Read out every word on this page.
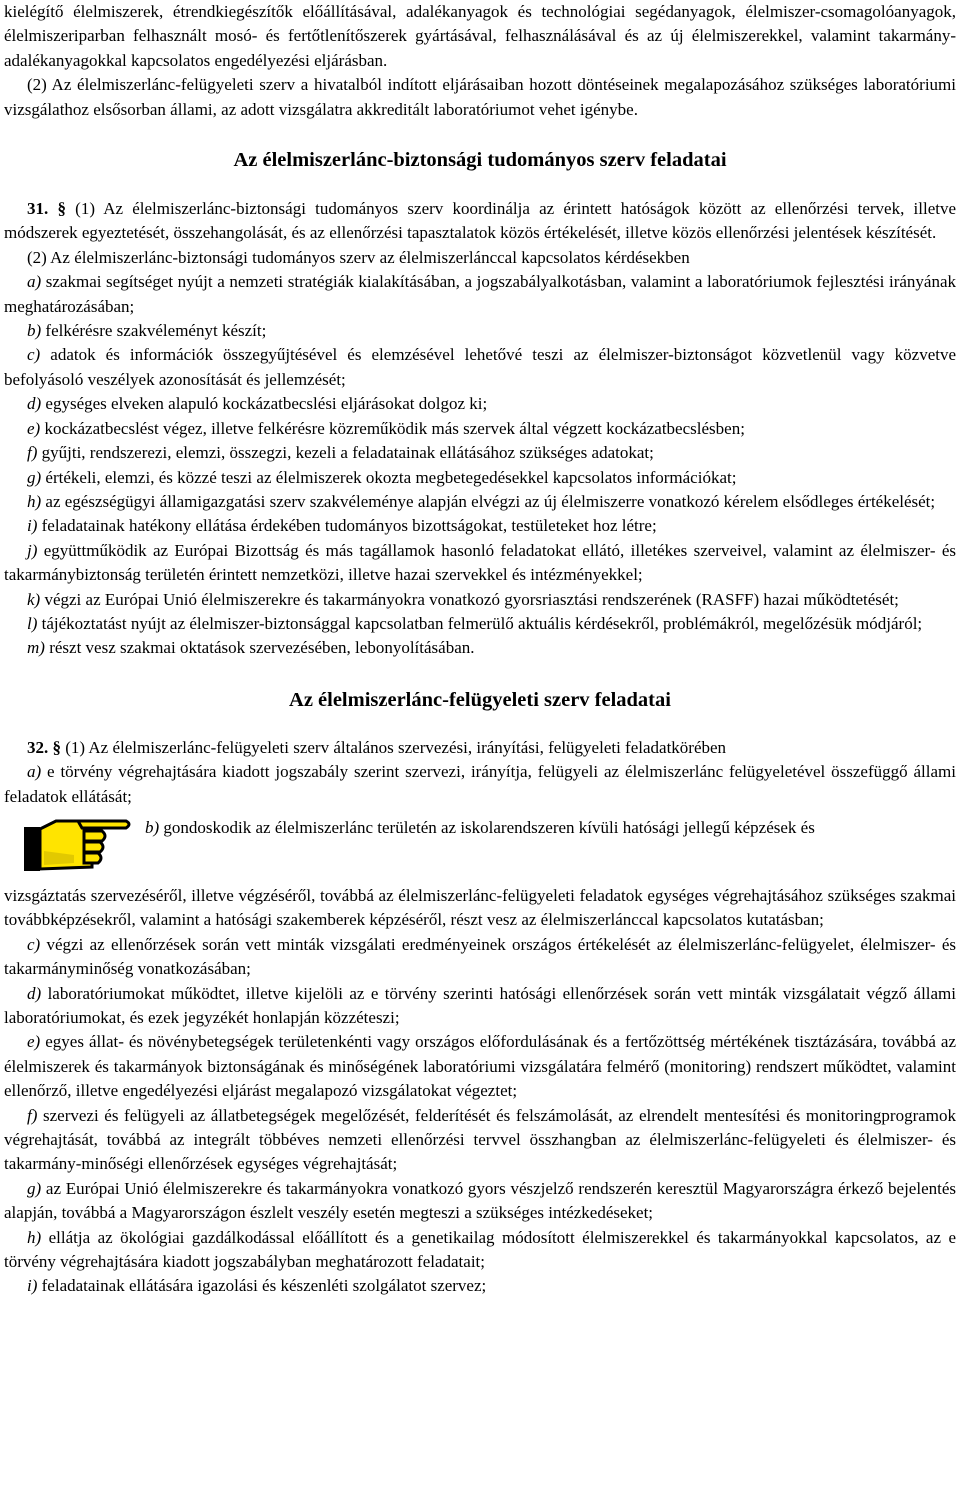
kielégítő élelmiszerek, étrendkiegészítők előállításával, adalékanyagok és technológiai segédanyagok, élelmiszer-csomagolóanyagok, élelmiszeriparban felhasznált mosó- és fertőtlenítőszerek gyártásával, felhasználásával és az új élelmiszerekkel, valamint takarmány-adalékanyagokkal kapcsolatos engedélyezési eljárásban.

(2) Az élelmiszerlánc-felügyeleti szerv a hivatalból indított eljárásaiban hozott döntéseinek megalapozásához szükséges laboratóriumi vizsgálathoz elsősorban állami, az adott vizsgálatra akkreditált laboratóriumot vehet igénybe.

Az élelmiszerlánc-biztonsági tudományos szerv feladatai

31. § (1) Az élelmiszerlánc-biztonsági tudományos szerv koordinálja az érintett hatóságok között az ellenőrzési tervek, illetve módszerek egyeztetését, összehangolását, és az ellenőrzési tapasztalatok közös értékelését, illetve közös ellenőrzési jelentések készítését.

(2) Az élelmiszerlánc-biztonsági tudományos szerv az élelmiszerlánccal kapcsolatos kérdésekben

a) szakmai segítséget nyújt a nemzeti stratégiák kialakításában, a jogszabályalkotásban, valamint a laboratóriumok fejlesztési irányának meghatározásában;

b) felkérésre szakvéleményt készít;

c) adatok és információk összegyűjtésével és elemzésével lehetővé teszi az élelmiszer-biztonságot közvetlenül vagy közvetve befolyásoló veszélyek azonosítását és jellemzését;

d) egységes elveken alapuló kockázatbecslési eljárásokat dolgoz ki;

e) kockázatbecslést végez, illetve felkérésre közreműködik más szervek által végzett kockázatbecslésben;

f) gyűjti, rendszerezi, elemzi, összegzi, kezeli a feladatainak ellátásához szükséges adatokat;

g) értékeli, elemzi, és közzé teszi az élelmiszerek okozta megbetegedésekkel kapcsolatos információkat;

h) az egészségügyi államigazgatási szerv szakvéleménye alapján elvégzi az új élelmiszerre vonatkozó kérelem elsődleges értékelését;

i) feladatainak hatékony ellátása érdekében tudományos bizottságokat, testületeket hoz létre;

j) együttműködik az Európai Bizottság és más tagállamok hasonló feladatokat ellátó, illetékes szerveivel, valamint az élelmiszer- és takarmánybiztonság területén érintett nemzetközi, illetve hazai szervekkel és intézményekkel;

k) végzi az Európai Unió élelmiszerekre és takarmányokra vonatkozó gyorsriasztási rendszerének (RASFF) hazai működtetését;

l) tájékoztatást nyújt az élelmiszer-biztonsággal kapcsolatban felmerülő aktuális kérdésekről, problémákról, megelőzésük módjáról;

m) részt vesz szakmai oktatások szervezésében, lebonyolításában.

Az élelmiszerlánc-felügyeleti szerv feladatai

32. § (1) Az élelmiszerlánc-felügyeleti szerv általános szervezési, irányítási, felügyeleti feladatkörében

a) e törvény végrehajtására kiadott jogszabály szerint szervezi, irányítja, felügyeli az élelmiszerlánc felügyeletével összefüggő állami feladatok ellátását;

b) gondoskodik az élelmiszerlánc területén az iskolarendszeren kívüli hatósági jellegű képzések és

vizsgáztatás szervezéséről, illetve végzéséről, továbbá az élelmiszerlánc-felügyeleti feladatok egységes végrehajtásához szükséges szakmai továbbképzésekről, valamint a hatósági szakemberek képzéséről, részt vesz az élelmiszerlánccal kapcsolatos kutatásban;

c) végzi az ellenőrzések során vett minták vizsgálati eredményeinek országos értékelését az élelmiszerlánc-felügyelet, élelmiszer- és takarmányminőség vonatkozásában;

d) laboratóriumokat működtet, illetve kijelöli az e törvény szerinti hatósági ellenőrzések során vett minták vizsgálatait végző állami laboratóriumokat, és ezek jegyzékét honlapján közzéteszi;

e) egyes állat- és növénybetegségek területenkénti vagy országos előfordulásának és a fertőzöttség mértékének tisztázására, továbbá az élelmiszerek és takarmányok biztonságának és minőségének laboratóriumi vizsgálatára felmérő (monitoring) rendszert működtet, valamint ellenőrző, illetve engedélyezési eljárást megalapozó vizsgálatokat végeztet;

f) szervezi és felügyeli az állatbetegségek megelőzését, felderítését és felszámolását, az elrendelt mentesítési és monitoringprogramok végrehajtását, továbbá az integrált többéves nemzeti ellenőrzési tervvel összhangban az élelmiszerlánc-felügyeleti és élelmiszer- és takarmány-minőségi ellenőrzések egységes végrehajtását;

g) az Európai Unió élelmiszerekre és takarmányokra vonatkozó gyors vészjelző rendszerén keresztül Magyarországra érkező bejelentés alapján, továbbá a Magyarországon észlelt veszély esetén megteszi a szükséges intézkedéseket;

h) ellátja az ökológiai gazdálkodással előállított és a genetikailag módosított élelmiszerekkel és takarmányokkal kapcsolatos, az e törvény végrehajtására kiadott jogszabályban meghatározott feladatait;

i) feladatainak ellátására igazolási és készenléti szolgálatot szervez;
